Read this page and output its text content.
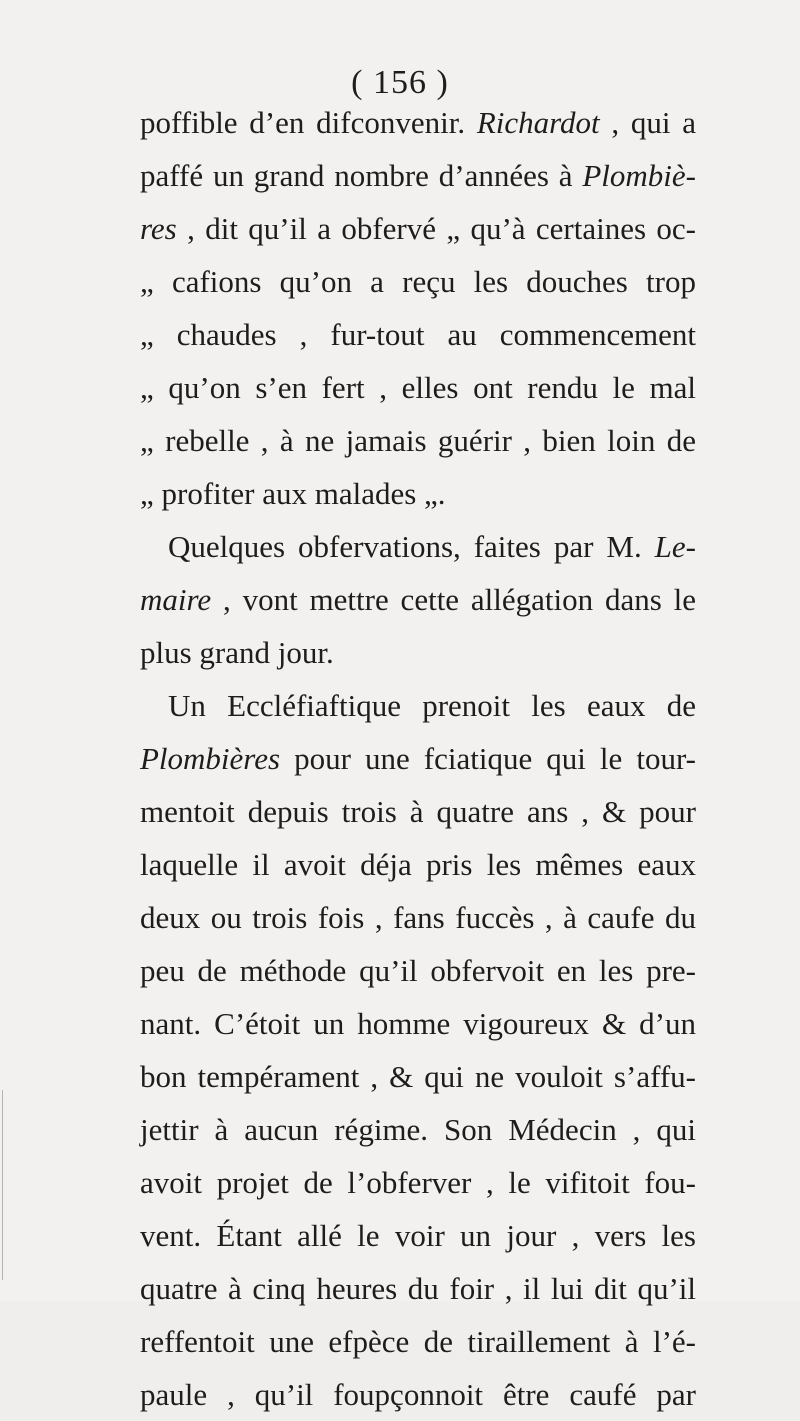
( 156 )
poffible d’en difconvenir. Richardot , qui a
paffé un grand nombre d’années à Plombiè-
res , dit qu’il a obfervé „ qu’à certaines oc-
„ cafions qu’on a reçu les douches trop
„ chaudes , fur-tout au commencement
„ qu’on s’en fert , elles ont rendu le mal
„ rebelle , à ne jamais guérir , bien loin de
„ profiter aux malades „.
Quelques obfervations, faites par M. Le-
maire , vont mettre cette allégation dans le
plus grand jour.
Un Eccléfiaftique prenoit les eaux de
Plombières pour une fciatique qui le tour-
mentoit depuis trois à quatre ans , & pour
laquelle il avoit déja pris les mêmes eaux
deux ou trois fois , fans fuccès , à caufe du
peu de méthode qu’il obfervoit en les pre-
nant. C’étoit un homme vigoureux & d’un
bon tempérament , & qui ne vouloit s’affu-
jettir à aucun régime. Son Médecin , qui
avoit projet de l’obferver , le vifitoit fou-
vent. Étant allé le voir un jour , vers les
quatre à cinq heures du foir , il lui dit qu’il
reffentoit une efpèce de tiraillement à l’é-
paule , qu’il foupçonnoit être caufé par
